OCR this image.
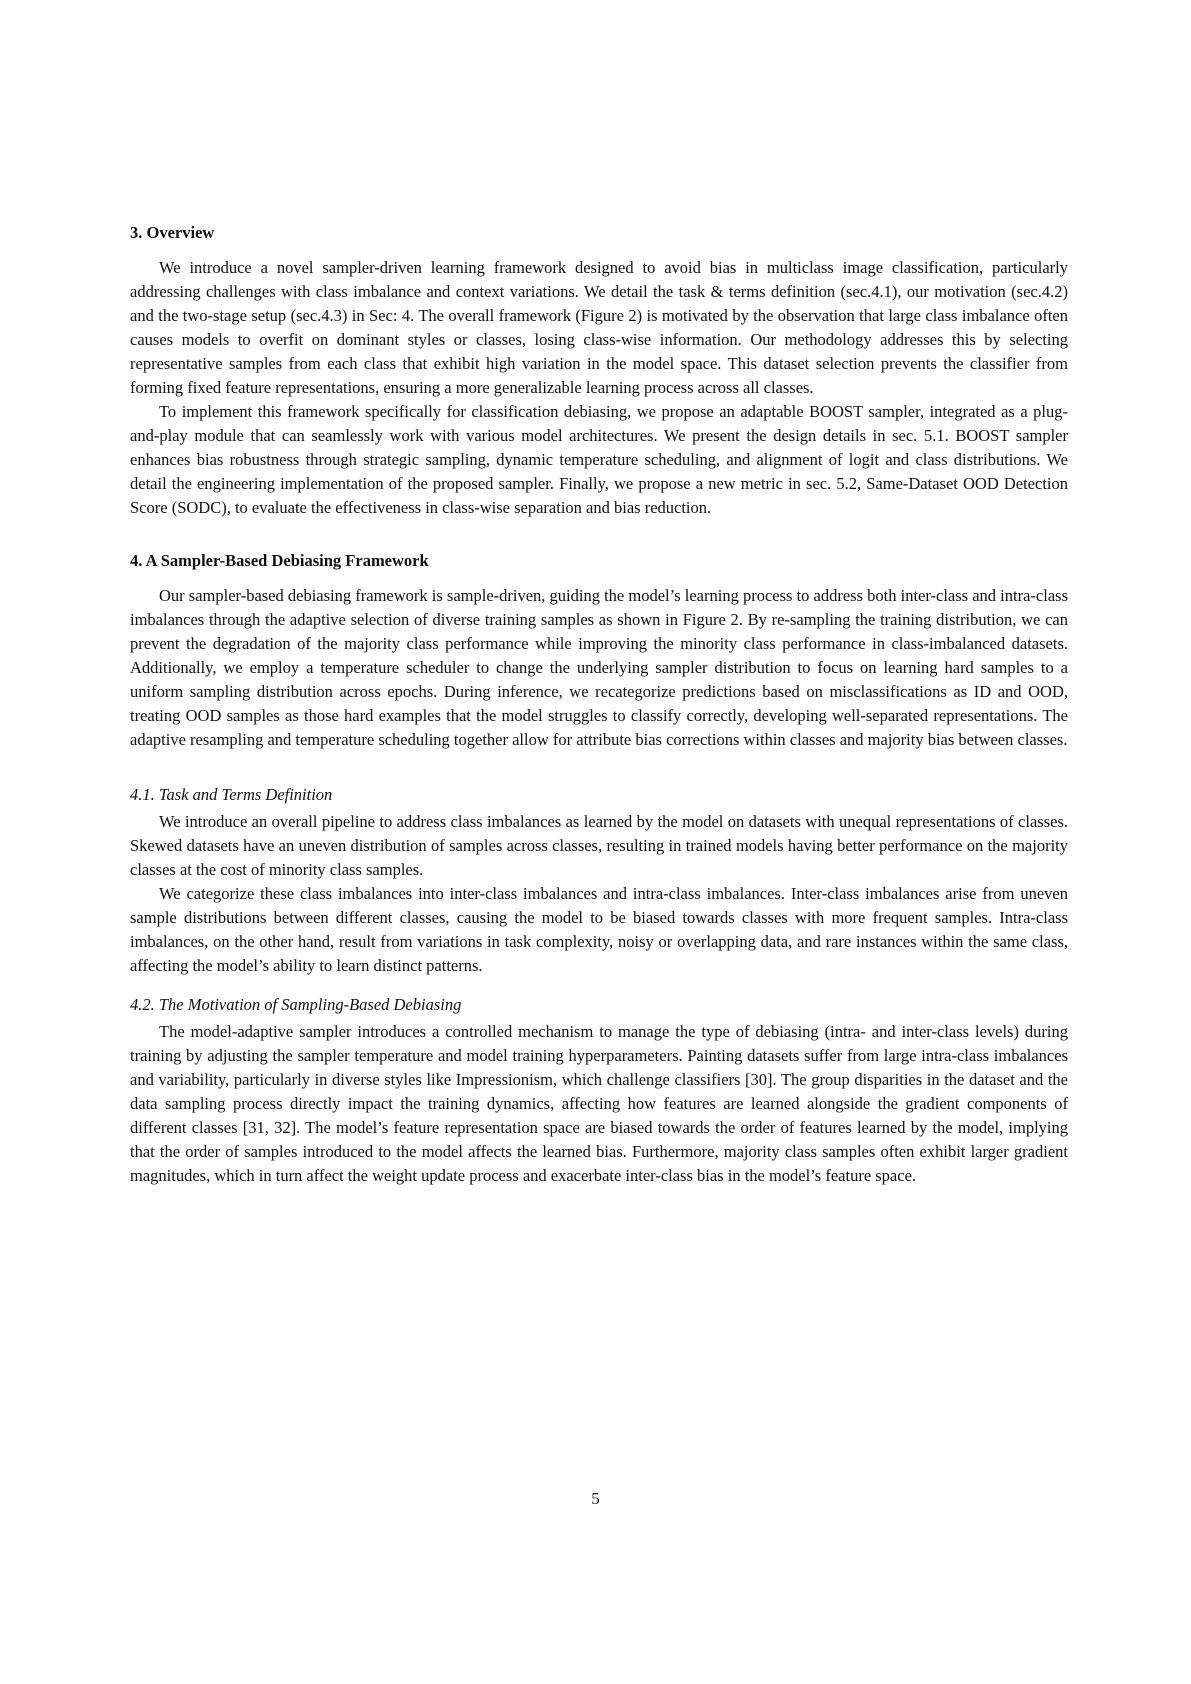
3. Overview

We introduce a novel sampler-driven learning framework designed to avoid bias in multiclass image classification, particularly addressing challenges with class imbalance and context variations. We detail the task & terms definition (sec.4.1), our motivation (sec.4.2) and the two-stage setup (sec.4.3) in Sec: 4. The overall framework (Figure 2) is motivated by the observation that large class imbalance often causes models to overfit on dominant styles or classes, losing class-wise information. Our methodology addresses this by selecting representative samples from each class that exhibit high variation in the model space. This dataset selection prevents the classifier from forming fixed feature representations, ensuring a more generalizable learning process across all classes.

To implement this framework specifically for classification debiasing, we propose an adaptable BOOST sampler, integrated as a plug-and-play module that can seamlessly work with various model architectures. We present the design details in sec. 5.1. BOOST sampler enhances bias robustness through strategic sampling, dynamic temperature scheduling, and alignment of logit and class distributions. We detail the engineering implementation of the proposed sampler. Finally, we propose a new metric in sec. 5.2, Same-Dataset OOD Detection Score (SODC), to evaluate the effectiveness in class-wise separation and bias reduction.

4. A Sampler-Based Debiasing Framework

Our sampler-based debiasing framework is sample-driven, guiding the model’s learning process to address both inter-class and intra-class imbalances through the adaptive selection of diverse training samples as shown in Figure 2. By re-sampling the training distribution, we can prevent the degradation of the majority class performance while improving the minority class performance in class-imbalanced datasets. Additionally, we employ a temperature scheduler to change the underlying sampler distribution to focus on learning hard samples to a uniform sampling distribution across epochs. During inference, we recategorize predictions based on misclassifications as ID and OOD, treating OOD samples as those hard examples that the model struggles to classify correctly, developing well-separated representations. The adaptive resampling and temperature scheduling together allow for attribute bias corrections within classes and majority bias between classes.

4.1. Task and Terms Definition

We introduce an overall pipeline to address class imbalances as learned by the model on datasets with unequal representations of classes. Skewed datasets have an uneven distribution of samples across classes, resulting in trained models having better performance on the majority classes at the cost of minority class samples.

We categorize these class imbalances into inter-class imbalances and intra-class imbalances. Inter-class imbalances arise from uneven sample distributions between different classes, causing the model to be biased towards classes with more frequent samples. Intra-class imbalances, on the other hand, result from variations in task complexity, noisy or overlapping data, and rare instances within the same class, affecting the model’s ability to learn distinct patterns.

4.2. The Motivation of Sampling-Based Debiasing

The model-adaptive sampler introduces a controlled mechanism to manage the type of debiasing (intra- and inter-class levels) during training by adjusting the sampler temperature and model training hyperparameters. Painting datasets suffer from large intra-class imbalances and variability, particularly in diverse styles like Impressionism, which challenge classifiers [30]. The group disparities in the dataset and the data sampling process directly impact the training dynamics, affecting how features are learned alongside the gradient components of different classes [31, 32]. The model’s feature representation space are biased towards the order of features learned by the model, implying that the order of samples introduced to the model affects the learned bias. Furthermore, majority class samples often exhibit larger gradient magnitudes, which in turn affect the weight update process and exacerbate inter-class bias in the model’s feature space.

5
